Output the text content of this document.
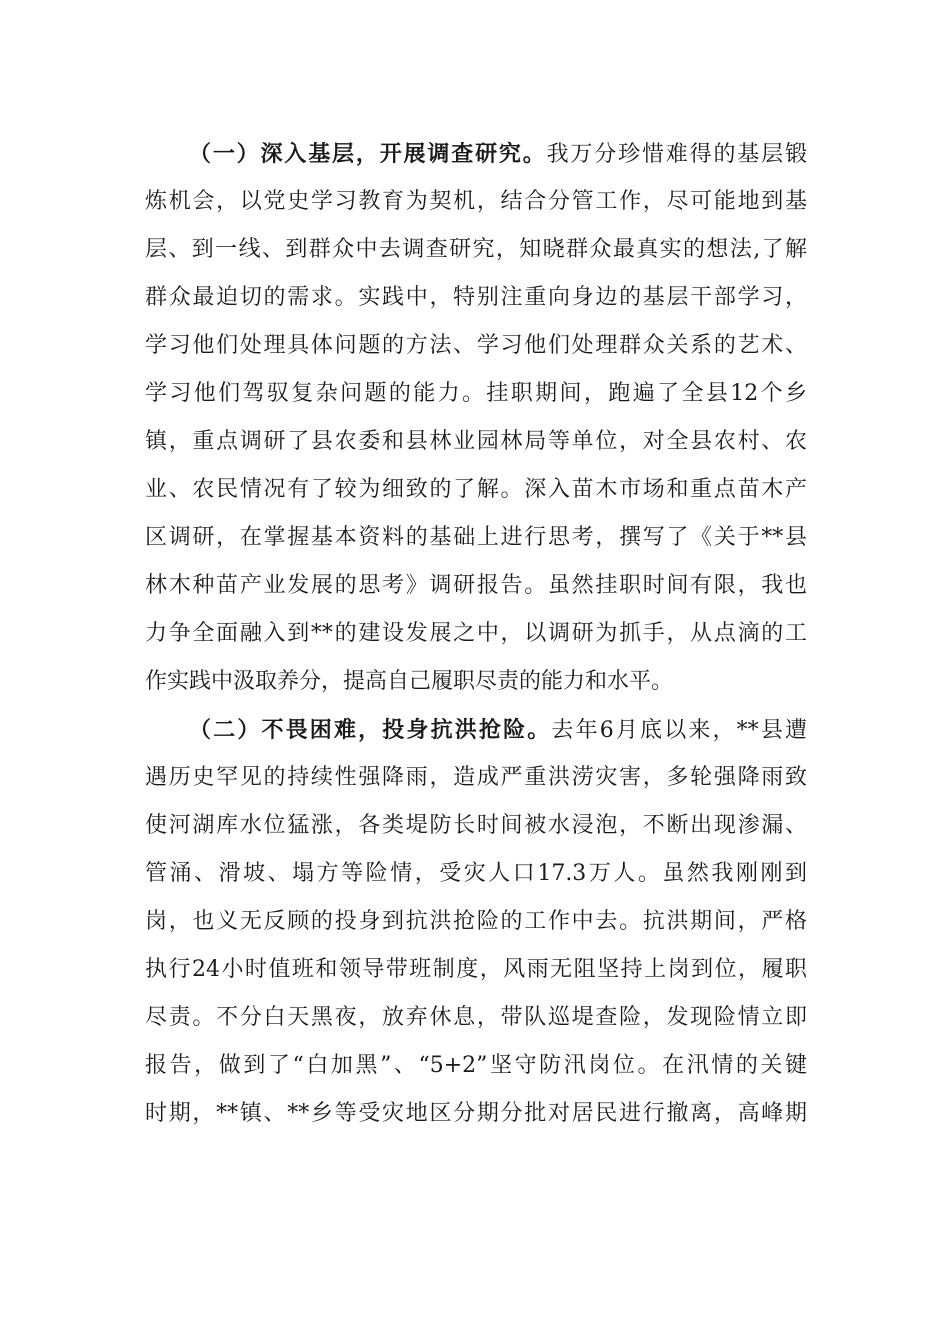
（一）深入基层，开展调查研究。我万分珍惜难得的基层锻
炼机会，以党史学习教育为契机，结合分管工作，尽可能地到基
层、到一线、到群众中去调查研究，知晓群众最真实的想法,了解
群众最迫切的需求。实践中，特别注重向身边的基层干部学习，
学习他们处理具体问题的方法、学习他们处理群众关系的艺术、
学习他们驾驭复杂问题的能力。挂职期间，跑遍了全县12个乡
镇，重点调研了县农委和县林业园林局等单位，对全县农村、农
业、农民情况有了较为细致的了解。深入苗木市场和重点苗木产
区调研，在掌握基本资料的基础上进行思考，撰写了《关于**县
林木种苗产业发展的思考》调研报告。虽然挂职时间有限，我也
力争全面融入到**的建设发展之中，以调研为抓手，从点滴的工
作实践中汲取养分，提高自己履职尽责的能力和水平。
（二）不畏困难，投身抗洪抢险。去年6月底以来，**县遭
遇历史罕见的持续性强降雨，造成严重洪涝灾害，多轮强降雨致
使河湖库水位猛涨，各类堤防长时间被水浸泡，不断出现渗漏、
管涌、滑坡、塌方等险情，受灾人口17.3万人。虽然我刚刚到
岗，也义无反顾的投身到抗洪抢险的工作中去。抗洪期间，严格
执行24小时值班和领导带班制度，风雨无阻坚持上岗到位，履职
尽责。不分白天黑夜，放弃休息，带队巡堤查险，发现险情立即
报告，做到了“白加黑”、“5+2”坚守防汛岗位。在汛情的关键
时期，**镇、**乡等受灾地区分期分批对居民进行撤离，高峰期
